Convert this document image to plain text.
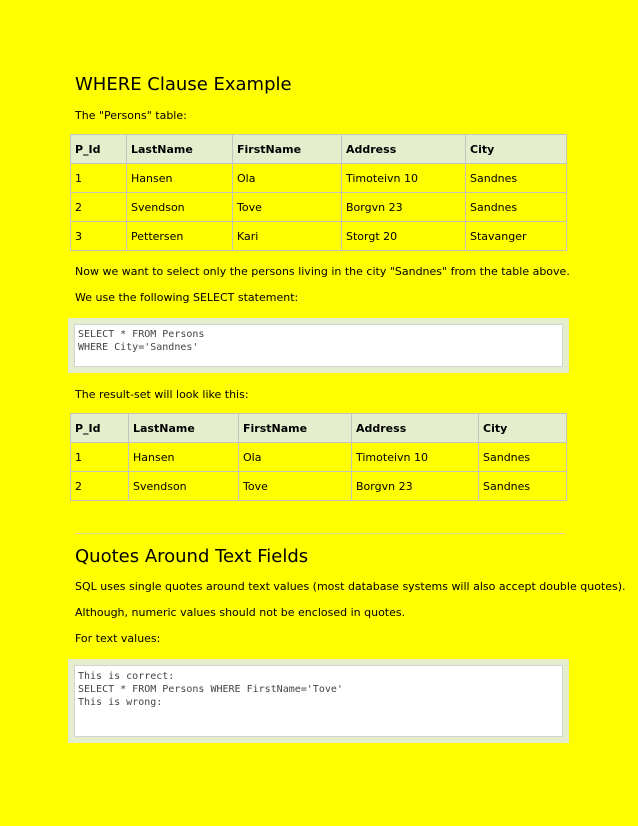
WHERE Clause Example

The "Persons" table:

P_Id	LastName	FirstName	Address	City
1	Hansen	Ola	Timoteivn 10	Sandnes
2	Svendson	Tove	Borgvn 23	Sandnes
3	Pettersen	Kari	Storgt 20	Stavanger

Now we want to select only the persons living in the city "Sandnes" from the table above.

We use the following SELECT statement:

SELECT * FROM Persons
WHERE City='Sandnes'

The result-set will look like this:

P_Id	LastName	FirstName	Address	City
1	Hansen	Ola	Timoteivn 10	Sandnes
2	Svendson	Tove	Borgvn 23	Sandnes
Quotes Around Text Fields

SQL uses single quotes around text values (most database systems will also accept double quotes).

Although, numeric values should not be enclosed in quotes.

For text values:

This is correct:
SELECT * FROM Persons WHERE FirstName='Tove'
This is wrong:
